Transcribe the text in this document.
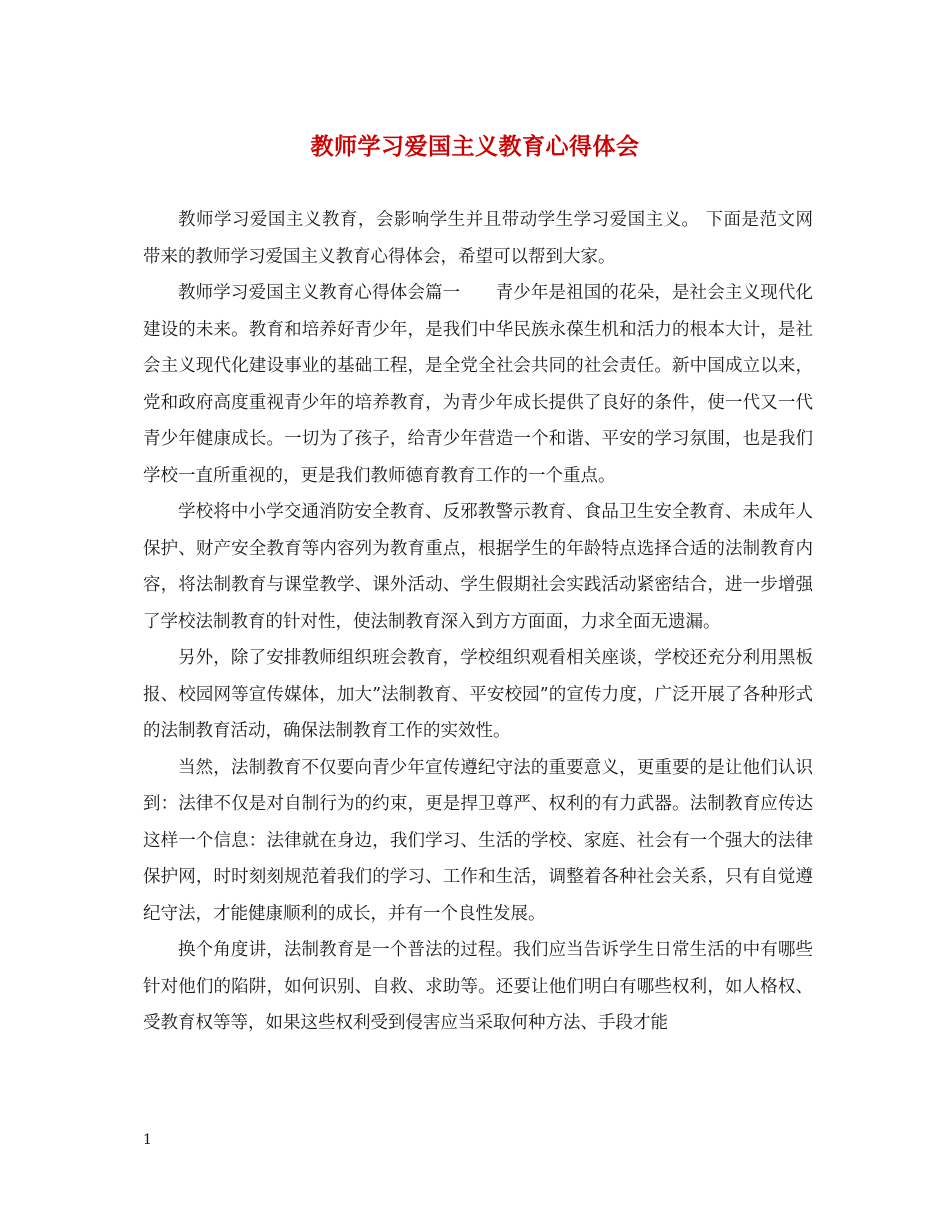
教师学习爱国主义教育心得体会

教师学习爱国主义教育，会影响学生并且带动学生学习爱国主义。 下面是范文网带来的教师学习爱国主义教育心得体会，希望可以帮到大家。

教师学习爱国主义教育心得体会篇一　　青少年是祖国的花朵，是社会主义现代化建设的未来。教育和培养好青少年，是我们中华民族永葆生机和活力的根本大计，是社会主义现代化建设事业的基础工程，是全党全社会共同的社会责任。新中国成立以来，党和政府高度重视青少年的培养教育，为青少年成长提供了良好的条件，使一代又一代青少年健康成长。一切为了孩子，给青少年营造一个和谐、平安的学习氛围，也是我们学校一直所重视的，更是我们教师德育教育工作的一个重点。

学校将中小学交通消防安全教育、反邪教警示教育、食品卫生安全教育、未成年人保护、财产安全教育等内容列为教育重点，根据学生的年龄特点选择合适的法制教育内容，将法制教育与课堂教学、课外活动、学生假期社会实践活动紧密结合，进一步增强了学校法制教育的针对性，使法制教育深入到方方面面，力求全面无遗漏。

另外，除了安排教师组织班会教育，学校组织观看相关座谈，学校还充分利用黑板报、校园网等宣传媒体，加大”法制教育、平安校园”的宣传力度，广泛开展了各种形式的法制教育活动，确保法制教育工作的实效性。

当然，法制教育不仅要向青少年宣传遵纪守法的重要意义，更重要的是让他们认识到：法律不仅是对自制行为的约束，更是捍卫尊严、权利的有力武器。法制教育应传达这样一个信息：法律就在身边，我们学习、生活的学校、家庭、社会有一个强大的法律保护网，时时刻刻规范着我们的学习、工作和生活，调整着各种社会关系，只有自觉遵纪守法，才能健康顺利的成长，并有一个良性发展。

换个角度讲，法制教育是一个普法的过程。我们应当告诉学生日常生活的中有哪些针对他们的陷阱，如何识别、自救、求助等。还要让他们明白有哪些权利，如人格权、受教育权等等，如果这些权利受到侵害应当采取何种方法、手段才能

1
